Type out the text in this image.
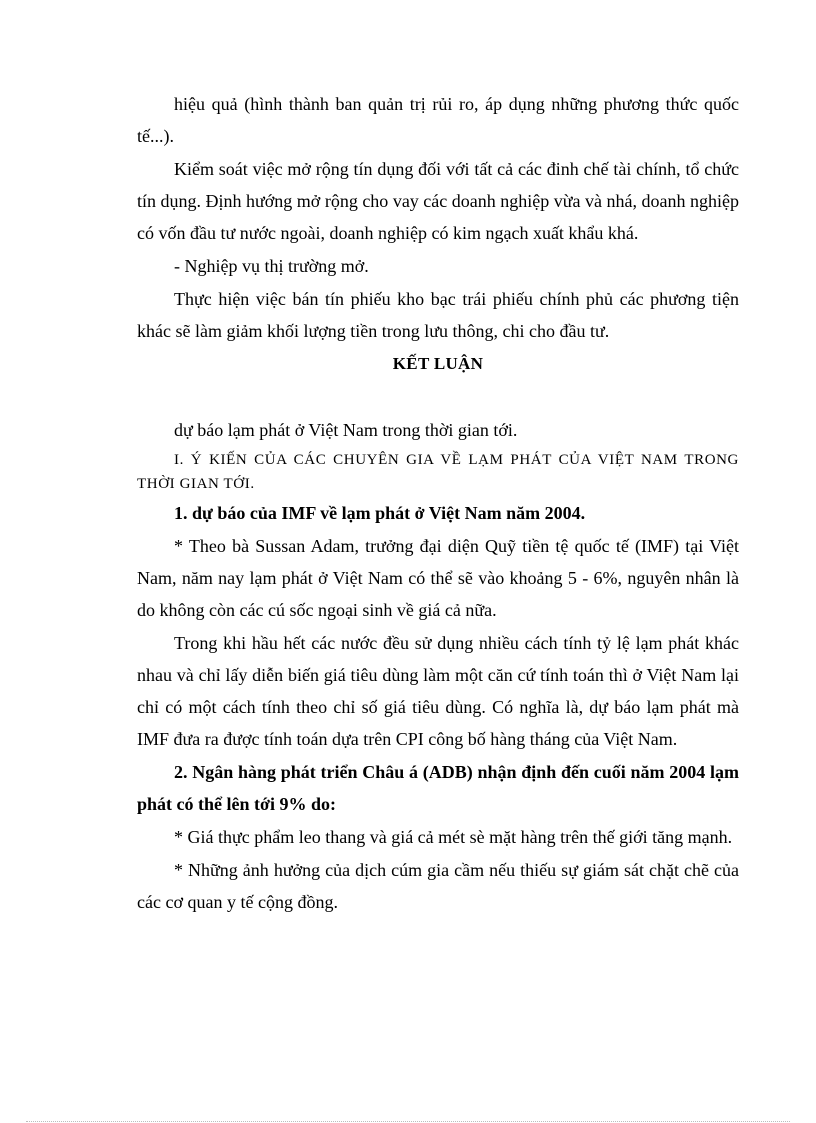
hiệu quả (hình thành ban quản trị rủi ro, áp dụng những phương thức quốc tế...).

Kiểm soát việc mở rộng tín dụng đối với tất cả các đinh chế tài chính, tổ chức tín dụng. Định hướng mở rộng cho vay các doanh nghiệp vừa và nhá, doanh nghiệp có vốn đầu tư nước ngoài, doanh nghiệp có kim ngạch xuất khẩu khá.

- Nghiệp vụ thị trường mở.

Thực hiện việc bán tín phiếu kho bạc trái phiếu chính phủ các phương tiện khác sẽ làm giảm khối lượng tiền trong lưu thông, chi cho đầu tư.

KẾT LUẬN

dự báo lạm phát ở Việt Nam trong thời gian tới.

I. Ý KIẾN CỦA CÁC CHUYÊN GIA VỀ LẠM PHÁT CỦA VIỆT NAM TRONG THỜI GIAN TỚI.

1. dự báo của IMF về lạm phát ở Việt Nam năm 2004.

* Theo bà Sussan Adam, trưởng đại diện Quỹ tiền tệ quốc tế (IMF) tại Việt Nam, năm nay lạm phát ở Việt Nam có thể sẽ vào khoảng 5 - 6%, nguyên nhân là do không còn các cú sốc ngoại sinh về giá cả nữa.

Trong khi hầu hết các nước đều sử dụng nhiều cách tính tỷ lệ lạm phát khác nhau và chỉ lấy diễn biến giá tiêu dùng làm một căn cứ tính toán thì ở Việt Nam lại chỉ có một cách tính theo chỉ số giá tiêu dùng. Có nghĩa là, dự báo lạm phát mà IMF đưa ra được tính toán dựa trên CPI công bố hàng tháng của Việt Nam.

2. Ngân hàng phát triển Châu á (ADB) nhận định đến cuối năm 2004 lạm phát có thể lên tới 9% do:

* Giá thực phẩm leo thang và giá cả mét sè mặt hàng trên thế giới tăng mạnh.

* Những ảnh hưởng của dịch cúm gia cầm nếu thiếu sự giám sát chặt chẽ của các cơ quan y tế cộng đồng.
